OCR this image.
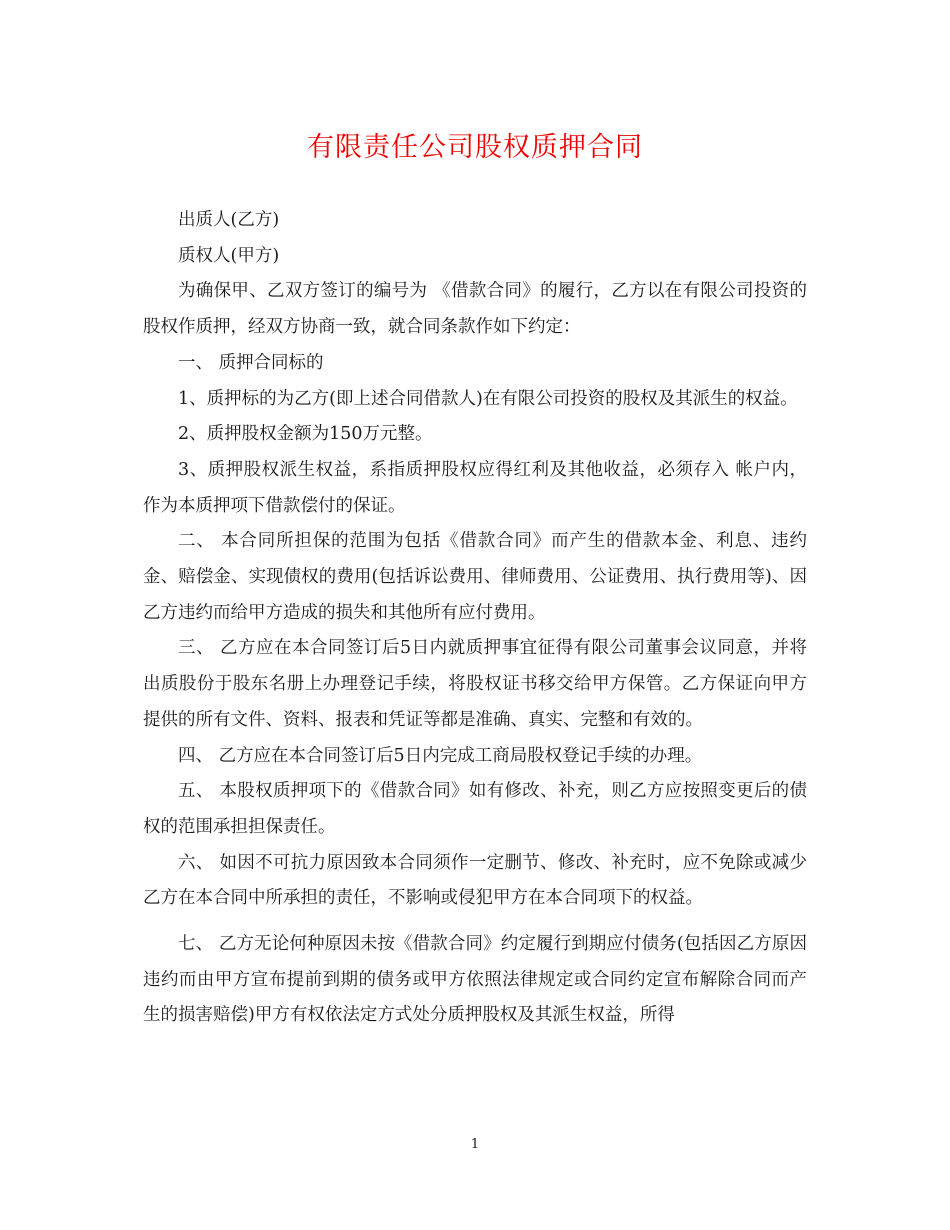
有限责任公司股权质押合同

出质人(乙方)

质权人(甲方)

为确保甲、乙双方签订的编号为 《借款合同》的履行，乙方以在有限公司投资的股权作质押，经双方协商一致，就合同条款作如下约定：

一、 质押合同标的

1、质押标的为乙方(即上述合同借款人)在有限公司投资的股权及其派生的权益。

2、质押股权金额为150万元整。

3、质押股权派生权益，系指质押股权应得红利及其他收益，必须存入 帐户内，作为本质押项下借款偿付的保证。

二、 本合同所担保的范围为包括《借款合同》而产生的借款本金、利息、违约金、赔偿金、实现债权的费用(包括诉讼费用、律师费用、公证费用、执行费用等)、因乙方违约而给甲方造成的损失和其他所有应付费用。

三、 乙方应在本合同签订后5日内就质押事宜征得有限公司董事会议同意，并将出质股份于股东名册上办理登记手续，将股权证书移交给甲方保管。乙方保证向甲方提供的所有文件、资料、报表和凭证等都是准确、真实、完整和有效的。

四、 乙方应在本合同签订后5日内完成工商局股权登记手续的办理。

五、 本股权质押项下的《借款合同》如有修改、补充，则乙方应按照变更后的债权的范围承担担保责任。

六、 如因不可抗力原因致本合同须作一定删节、修改、补充时，应不免除或减少乙方在本合同中所承担的责任，不影响或侵犯甲方在本合同项下的权益。

七、 乙方无论何种原因未按《借款合同》约定履行到期应付债务(包括因乙方原因违约而由甲方宣布提前到期的债务或甲方依照法律规定或合同约定宣布解除合同而产生的损害赔偿)甲方有权依法定方式处分质押股权及其派生权益，所得

1
